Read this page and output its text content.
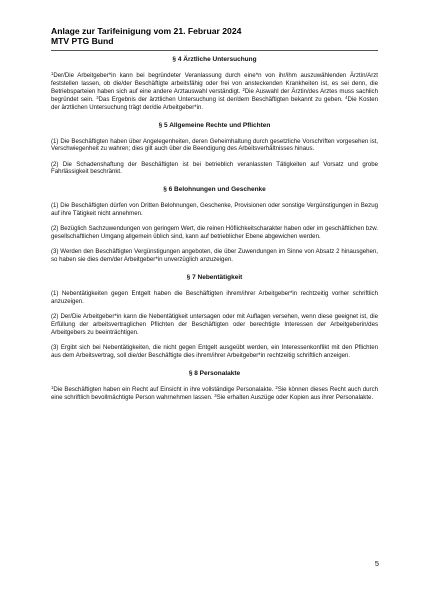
Anlage zur Tarifeinigung vom 21. Februar 2024
MTV PTG Bund
§ 4 Ärztliche Untersuchung

$^1$Der/Die Arbeitgeber*in kann bei begründeter Veranlassung durch eine*n von ihr/ihm auszuwählenden Ärztin/Arzt feststellen lassen, ob die/der Beschäftigte arbeitsfähig oder frei von ansteckenden Krankheiten ist, es sei denn, die Betriebsparteien haben sich auf eine andere Arztauswahl verständigt. $^2$Die Auswahl der Ärztin/des Arztes muss sachlich begründet sein. $^3$Das Ergebnis der ärztlichen Untersuchung ist der/dem Beschäftigten bekannt zu geben. $^4$Die Kosten der ärztlichen Untersuchung trägt der/die Arbeitgeber*in.

§ 5 Allgemeine Rechte und Pflichten

(1) Die Beschäftigten haben über Angelegenheiten, deren Geheimhaltung durch gesetzliche Vorschriften vorgesehen ist, Verschwiegenheit zu wahren; dies gilt auch über die Beendigung des Arbeitsverhältnisses hinaus.

(2) Die Schadenshaftung der Beschäftigten ist bei betrieblich veranlassten Tätigkeiten auf Vorsatz und grobe Fahrlässigkeit beschränkt.

§ 6 Belohnungen und Geschenke

(1) Die Beschäftigten dürfen von Dritten Belohnungen, Geschenke, Provisionen oder sonstige Vergünstigungen in Bezug auf ihre Tätigkeit nicht annehmen.

(2) Bezüglich Sachzuwendungen von geringem Wert, die reinen Höflichkeitscharakter haben oder im geschäftlichen bzw. gesellschaftlichen Umgang allgemein üblich sind, kann auf betrieblicher Ebene abgewichen werden.

(3) Werden den Beschäftigten Vergünstigungen angeboten, die über Zuwendungen im Sinne von Absatz 2 hinausgehen, so haben sie dies dem/der Arbeitgeber*in unverzüglich anzuzeigen.

§ 7 Nebentätigkeit

(1) Nebentätigkeiten gegen Entgelt haben die Beschäftigten ihrem/ihrer Arbeitgeber*in rechtzeitig vorher schriftlich anzuzeigen.

(2) Der/Die Arbeitgeber*in kann die Nebentätigkeit untersagen oder mit Auflagen versehen, wenn diese geeignet ist, die Erfüllung der arbeitsvertraglichen Pflichten der Beschäftigten oder berechtigte Interessen der Arbeitgeberin/des Arbeitgebers zu beeinträchtigen.

(3) Ergibt sich bei Nebentätigkeiten, die nicht gegen Entgelt ausgeübt werden, ein Interessenkonflikt mit den Pflichten aus dem Arbeitsvertrag, soll die/der Beschäftigte dies ihrem/ihrer Arbeitgeber*in rechtzeitig schriftlich anzeigen.

§ 8 Personalakte

$^1$Die Beschäftigten haben ein Recht auf Einsicht in ihre vollständige Personalakte. $^2$Sie können dieses Recht auch durch eine schriftlich bevollmächtigte Person wahrnehmen lassen. $^3$Sie erhalten Auszüge oder Kopien aus ihrer Personalakte.

5
